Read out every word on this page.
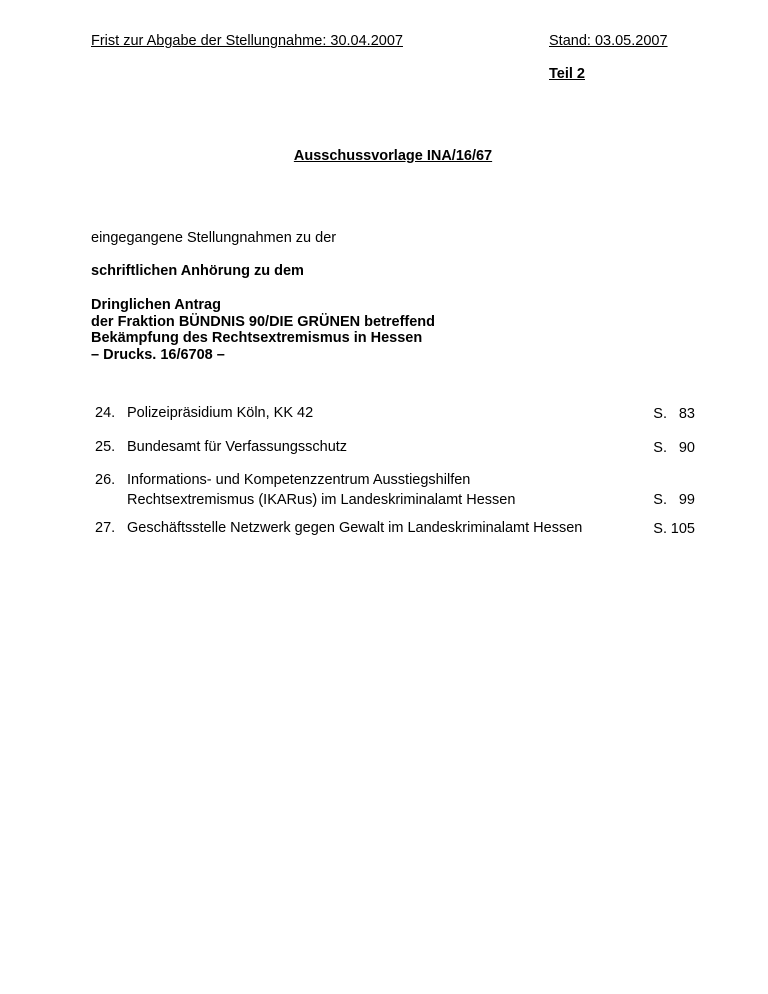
Frist zur Abgabe der Stellungnahme: 30.04.2007	Stand: 03.05.2007
Teil 2
Ausschussvorlage INA/16/67
eingegangene Stellungnahmen zu der
schriftlichen Anhörung zu dem
Dringlichen Antrag
der Fraktion BÜNDNIS 90/DIE GRÜNEN betreffend
Bekämpfung des Rechtsextremismus in Hessen
– Drucks. 16/6708 –
24. Polizeipräsidium Köln, KK 42	S. 83
25. Bundesamt für Verfassungsschutz	S. 90
26. Informations- und Kompetenzzentrum Ausstiegshilfen
Rechtsextremismus (IKARus) im Landeskriminalamt Hessen	S. 99
27. Geschäftsstelle Netzwerk gegen Gewalt im Landeskriminalamt Hessen	S. 105
